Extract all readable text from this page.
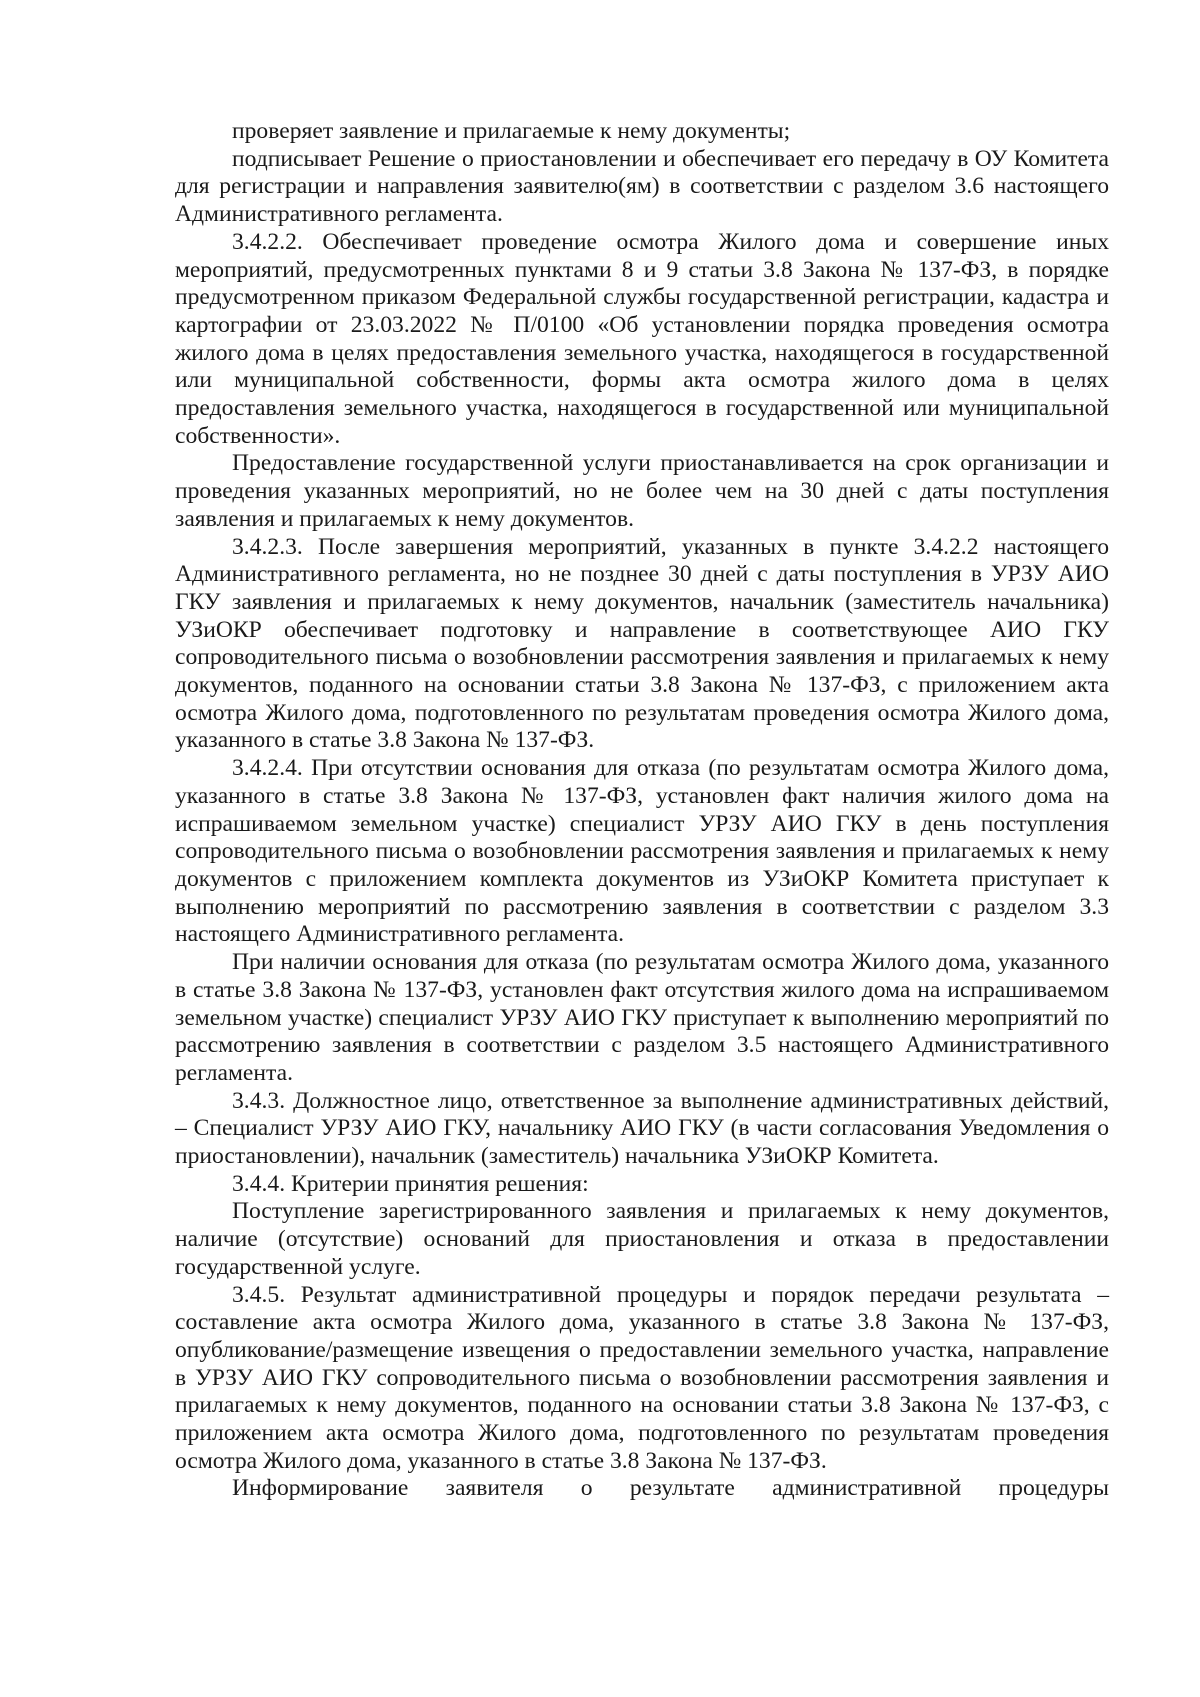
проверяет заявление и прилагаемые к нему документы;

подписывает Решение о приостановлении и обеспечивает его передачу в ОУ Комитета для регистрации и направления заявителю(ям) в соответствии с разделом 3.6 настоящего Административного регламента.

3.4.2.2. Обеспечивает проведение осмотра Жилого дома и совершение иных мероприятий, предусмотренных пунктами 8 и 9 статьи 3.8 Закона № 137-ФЗ, в порядке предусмотренном приказом Федеральной службы государственной регистрации, кадастра и картографии от 23.03.2022 № П/0100 «Об установлении порядка проведения осмотра жилого дома в целях предоставления земельного участка, находящегося в государственной или муниципальной собственности, формы акта осмотра жилого дома в целях предоставления земельного участка, находящегося в государственной или муниципальной собственности».

Предоставление государственной услуги приостанавливается на срок организации и проведения указанных мероприятий, но не более чем на 30 дней с даты поступления заявления и прилагаемых к нему документов.

3.4.2.3. После завершения мероприятий, указанных в пункте 3.4.2.2 настоящего Административного регламента, но не позднее 30 дней с даты поступления в УРЗУ АИО ГКУ заявления и прилагаемых к нему документов, начальник (заместитель начальника) УЗиОКР обеспечивает подготовку и направление в соответствующее АИО ГКУ сопроводительного письма о возобновлении рассмотрения заявления и прилагаемых к нему документов, поданного на основании статьи 3.8 Закона № 137-ФЗ, с приложением акта осмотра Жилого дома, подготовленного по результатам проведения осмотра Жилого дома, указанного в статье 3.8 Закона № 137-ФЗ.

3.4.2.4. При отсутствии основания для отказа (по результатам осмотра Жилого дома, указанного в статье 3.8 Закона № 137-ФЗ, установлен факт наличия жилого дома на испрашиваемом земельном участке) специалист УРЗУ АИО ГКУ в день поступления сопроводительного письма о возобновлении рассмотрения заявления и прилагаемых к нему документов с приложением комплекта документов из УЗиОКР Комитета приступает к выполнению мероприятий по рассмотрению заявления в соответствии с разделом 3.3 настоящего Административного регламента.

При наличии основания для отказа (по результатам осмотра Жилого дома, указанного в статье 3.8 Закона № 137-ФЗ, установлен факт отсутствия жилого дома на испрашиваемом земельном участке) специалист УРЗУ АИО ГКУ приступает к выполнению мероприятий по рассмотрению заявления в соответствии с разделом 3.5 настоящего Административного регламента.

3.4.3. Должностное лицо, ответственное за выполнение административных действий, – Специалист УРЗУ АИО ГКУ, начальнику АИО ГКУ (в части согласования Уведомления о приостановлении), начальник (заместитель) начальника УЗиОКР Комитета.

3.4.4. Критерии принятия решения:

Поступление зарегистрированного заявления и прилагаемых к нему документов, наличие (отсутствие) оснований для приостановления и отказа в предоставлении государственной услуге.

3.4.5. Результат административной процедуры и порядок передачи результата – составление акта осмотра Жилого дома, указанного в статье 3.8 Закона № 137-ФЗ, опубликование/размещение извещения о предоставлении земельного участка, направление в УРЗУ АИО ГКУ сопроводительного письма о возобновлении рассмотрения заявления и прилагаемых к нему документов, поданного на основании статьи 3.8 Закона № 137-ФЗ, с приложением акта осмотра Жилого дома, подготовленного по результатам проведения осмотра Жилого дома, указанного в статье 3.8 Закона № 137-ФЗ.

Информирование заявителя о результате административной процедуры
